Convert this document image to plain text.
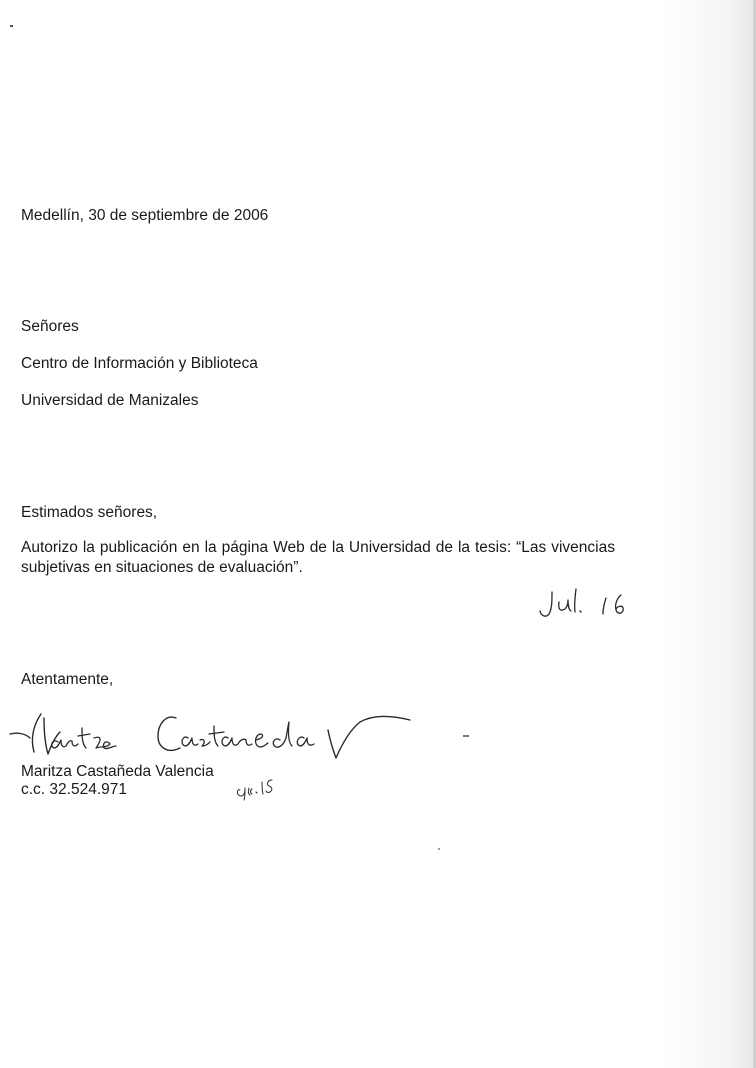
Medellín, 30 de septiembre de 2006
Señores
Centro de Información y Biblioteca
Universidad de Manizales
Estimados señores,
Autorizo la publicación en la página Web de la Universidad de la tesis: “Las vivencias subjetivas en situaciones de evaluación”.
Atentamente,
Maritza Castañeda Valencia
c.c. 32.524.971
